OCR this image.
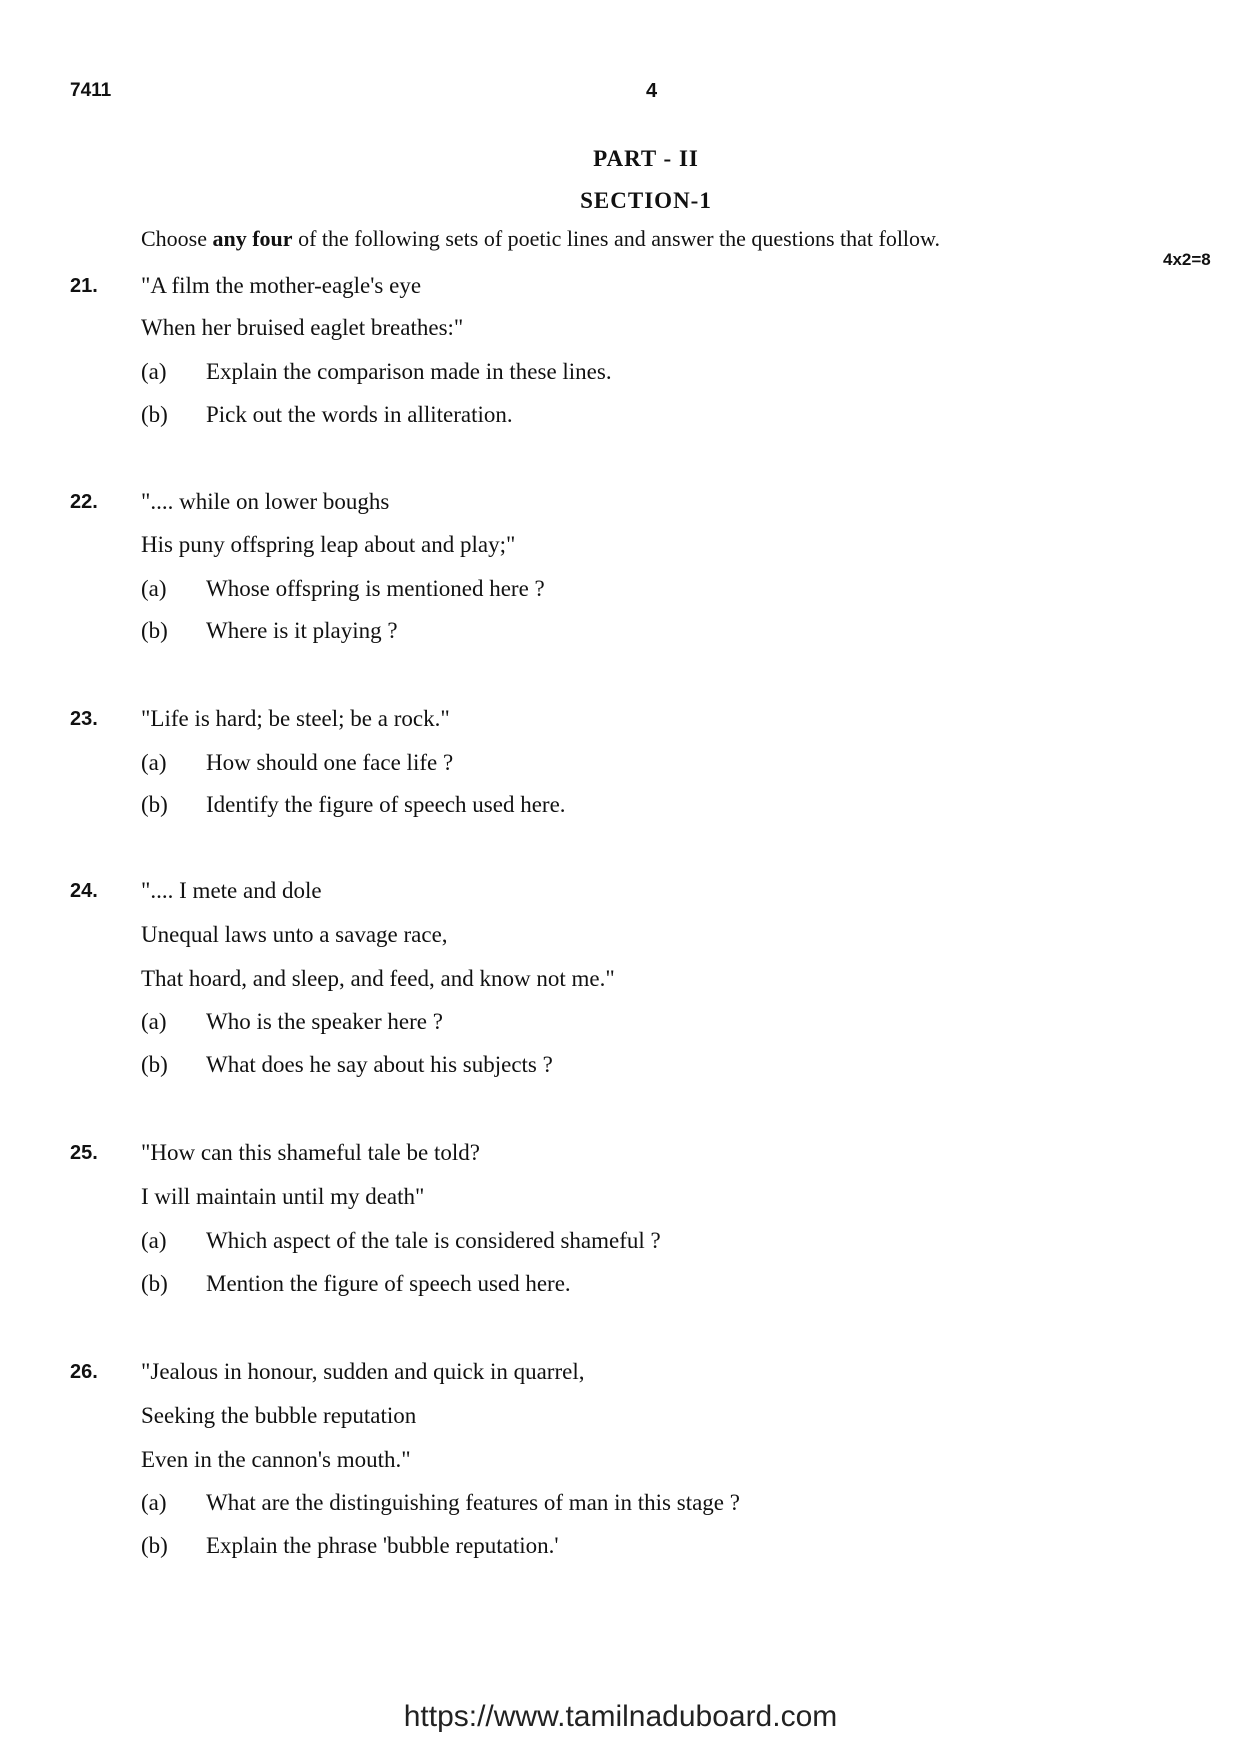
7411	4
PART - II
SECTION-1
Choose any four of the following sets of poetic lines and answer the questions that follow.
4x2=8
21. "A film the mother-eagle's eye
When her bruised eaglet breathes:"
(a) Explain the comparison made in these lines.
(b) Pick out the words in alliteration.
22. ".... while on lower boughs
His puny offspring leap about and play;"
(a) Whose offspring is mentioned here ?
(b) Where is it playing ?
23. "Life is hard; be steel; be a rock."
(a) How should one face life ?
(b) Identify the figure of speech used here.
24. ".... I mete and dole
Unequal laws unto a savage race,
That hoard, and sleep, and feed, and know not me."
(a) Who is the speaker here ?
(b) What does he say about his subjects ?
25. "How can this shameful tale be told?
I will maintain until my death"
(a) Which aspect of the tale is considered shameful ?
(b) Mention the figure of speech used here.
26. "Jealous in honour, sudden and quick in quarrel,
Seeking the bubble reputation
Even in the cannon's mouth."
(a) What are the distinguishing features of man in this stage ?
(b) Explain the phrase 'bubble reputation.'
https://www.tamilnaduboard.com
